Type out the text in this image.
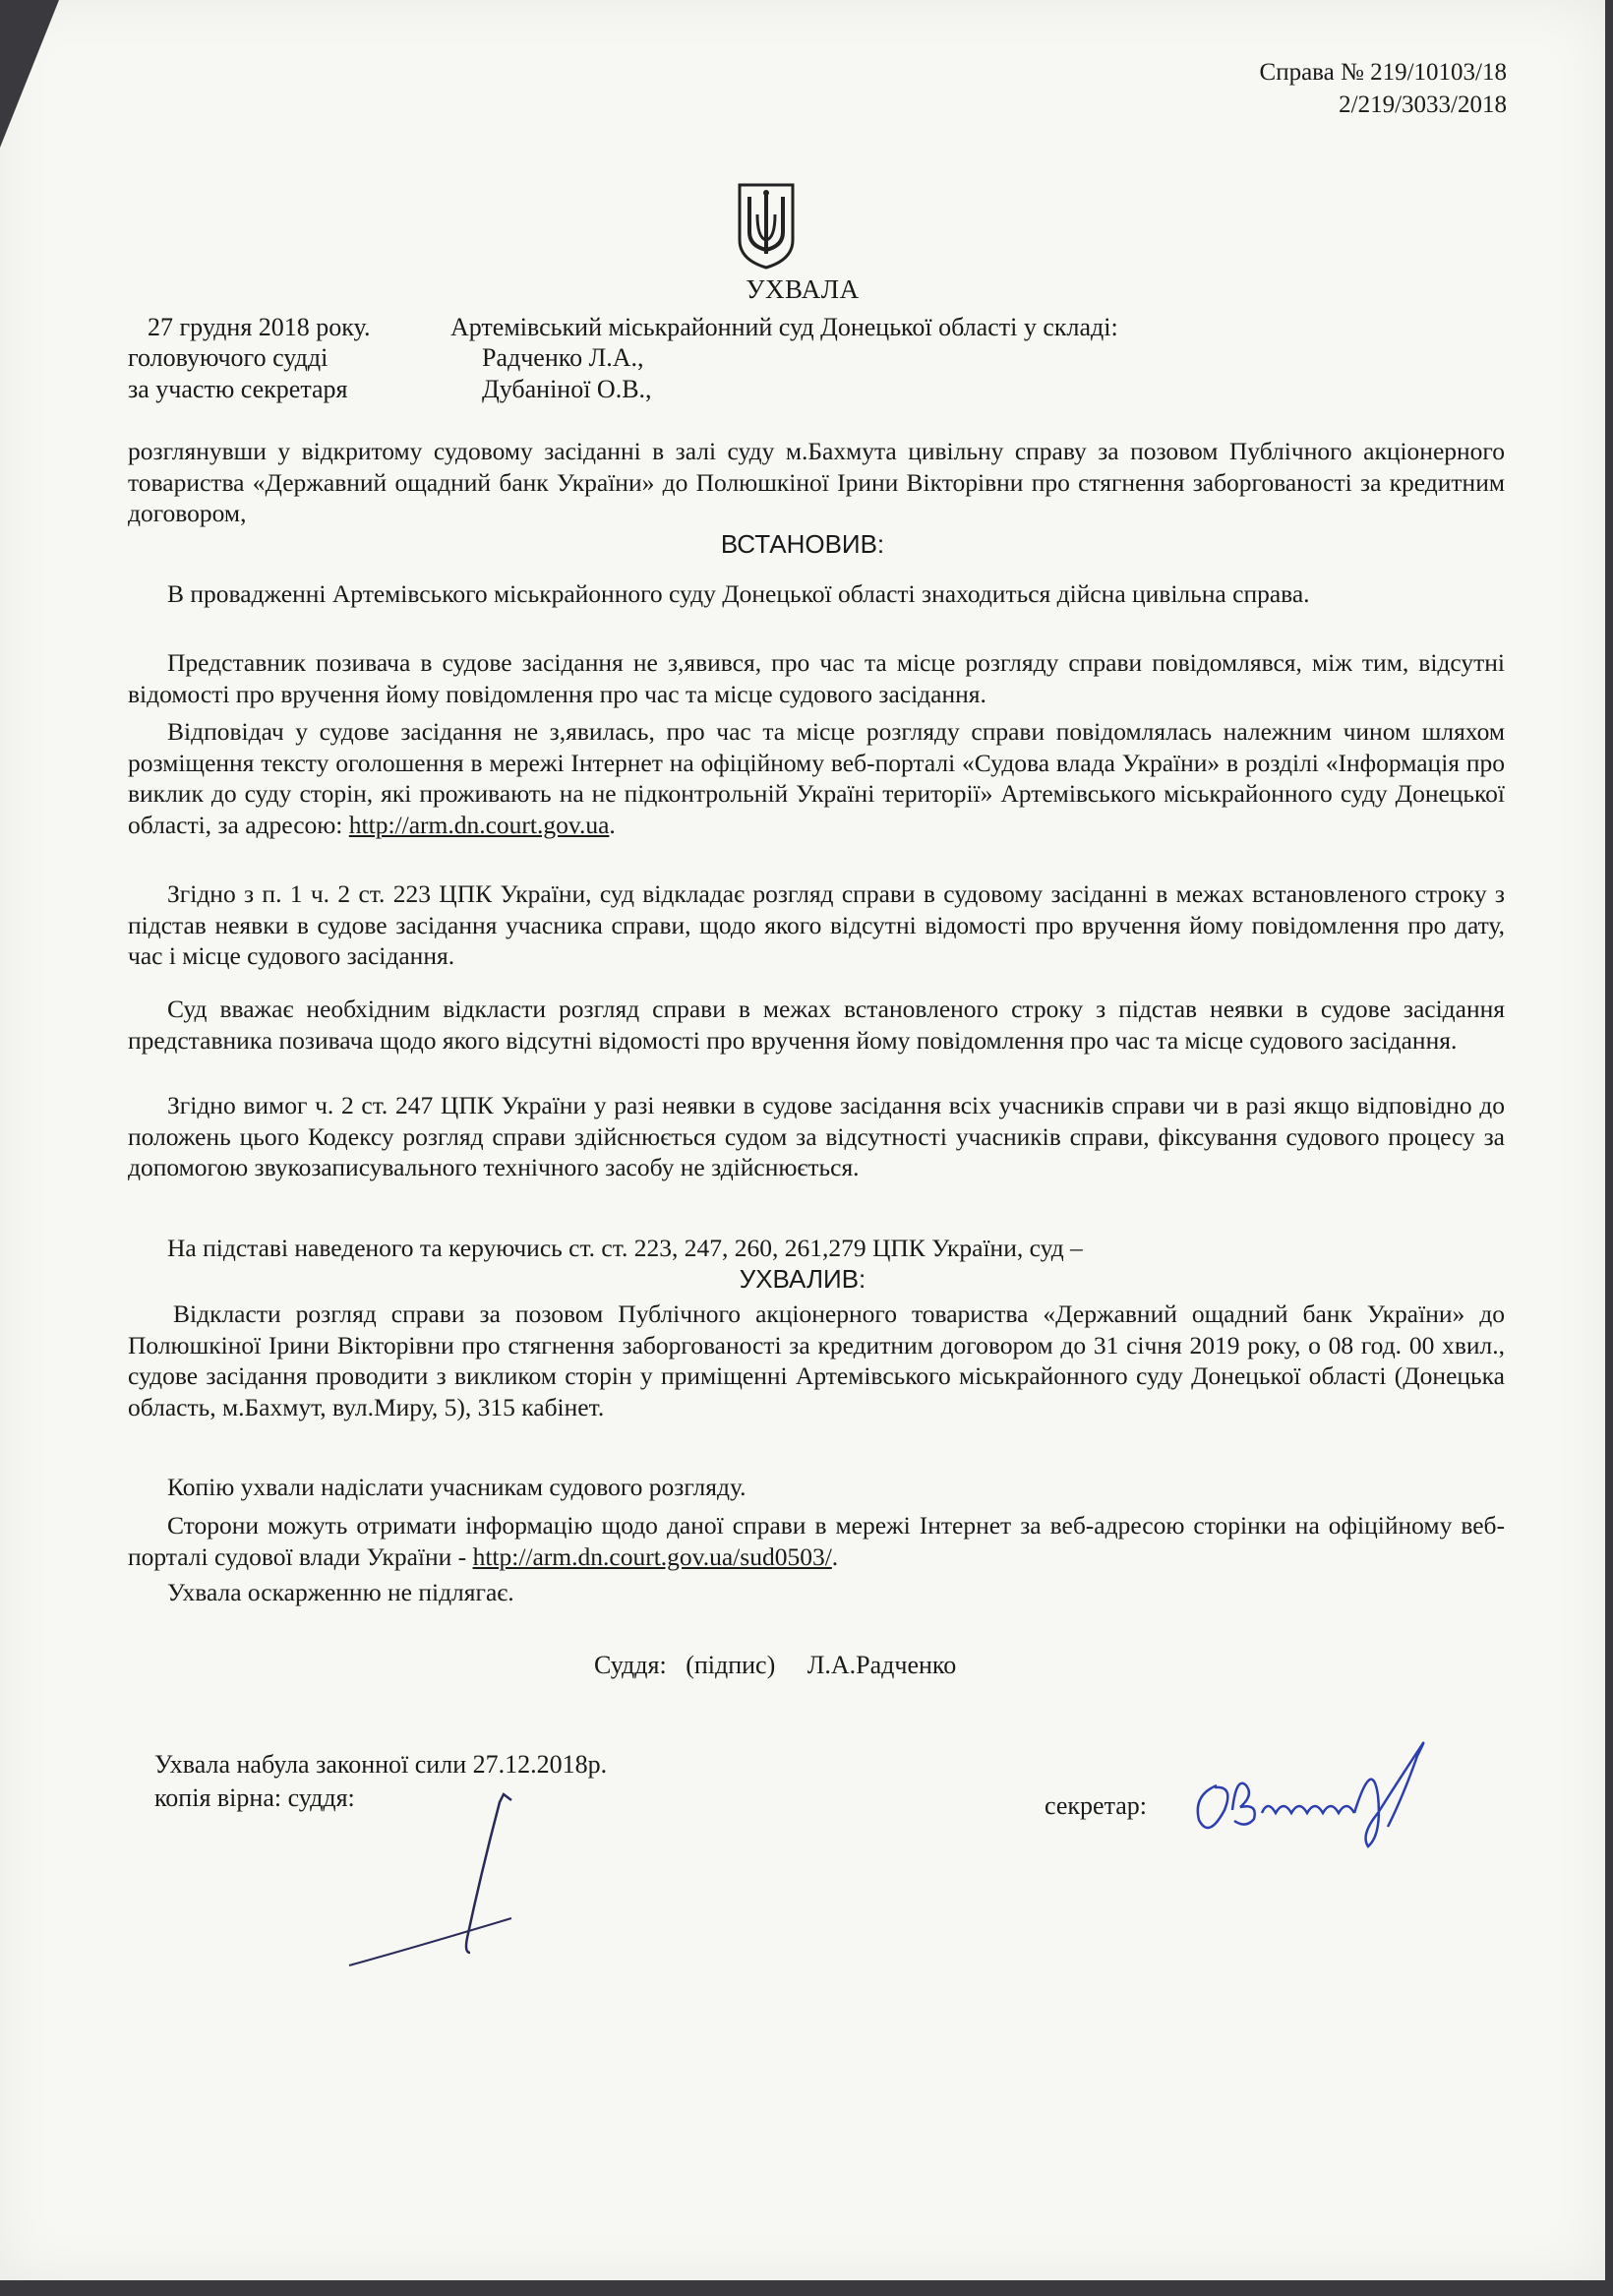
Справа № 219/10103/18
2/219/3033/2018
УХВАЛА
27 грудня 2018 року.	Артемівський міськрайонний суд Донецької області у складі:
головуючого судді	Радченко Л.А.,
за участю секретаря	Дубаніної О.В.,
розглянувши у відкритому судовому засіданні в залі суду м.Бахмута цивільну справу за позовом Публічного акціонерного товариства «Державний ощадний банк України» до Полюшкіної Ірини Вікторівни про стягнення заборгованості за кредитним договором,
ВСТАНОВИВ:
В провадженні Артемівського міськрайонного суду Донецької області знаходиться дійсна цивільна справа.
Представник позивача в судове засідання не з,явився, про час та місце розгляду справи повідомлявся, між тим, відсутні відомості про вручення йому повідомлення про час та місце судового засідання.
Відповідач у судове засідання не з,явилась, про час та місце розгляду справи повідомлялась належним чином шляхом розміщення тексту оголошення в мережі Інтернет на офіційному веб-порталі «Судова влада України» в розділі «Інформація про виклик до суду сторін, які проживають на не підконтрольній Україні території» Артемівського міськрайонного суду Донецької області, за адресою: http://arm.dn.court.gov.ua.
Згідно з п. 1 ч. 2 ст. 223 ЦПК України, суд відкладає розгляд справи в судовому засіданні в межах встановленого строку з підстав неявки в судове засідання учасника справи, щодо якого відсутні відомості про вручення йому повідомлення про дату, час і місце судового засідання.
Суд вважає необхідним відкласти розгляд справи в межах встановленого строку з підстав неявки в судове засідання представника позивача щодо якого відсутні відомості про вручення йому повідомлення про час та місце судового засідання.
Згідно вимог ч. 2 ст. 247 ЦПК України у разі неявки в судове засідання всіх учасників справи чи в разі якщо відповідно до положень цього Кодексу розгляд справи здійснюється судом за відсутності учасників справи, фіксування судового процесу за допомогою звукозаписувального технічного засобу не здійснюється.
На підставі наведеного та керуючись ст. ст. 223, 247, 260, 261,279 ЦПК України, суд –
УХВАЛИВ:
Відкласти розгляд справи за позовом Публічного акціонерного товариства «Державний ощадний банк України» до Полюшкіної Ірини Вікторівни про стягнення заборгованості за кредитним договором до 31 січня 2019 року, о 08 год. 00 хвил., судове засідання проводити з викликом сторін у приміщенні Артемівського міськрайонного суду Донецької області (Донецька область, м.Бахмут, вул.Миру, 5), 315 кабінет.
Копію ухвали надіслати учасникам судового розгляду.
Сторони можуть отримати інформацію щодо даної справи в мережі Інтернет за веб-адресою сторінки на офіційному веб-порталі судової влади України - http://arm.dn.court.gov.ua/sud0503/.
Ухвала оскарженню не підлягає.
Суддя:   (підпис)     Л.А.Радченко
Ухвала набула законної сили 27.12.2018р.
копія вірна: суддя:	секретар:
